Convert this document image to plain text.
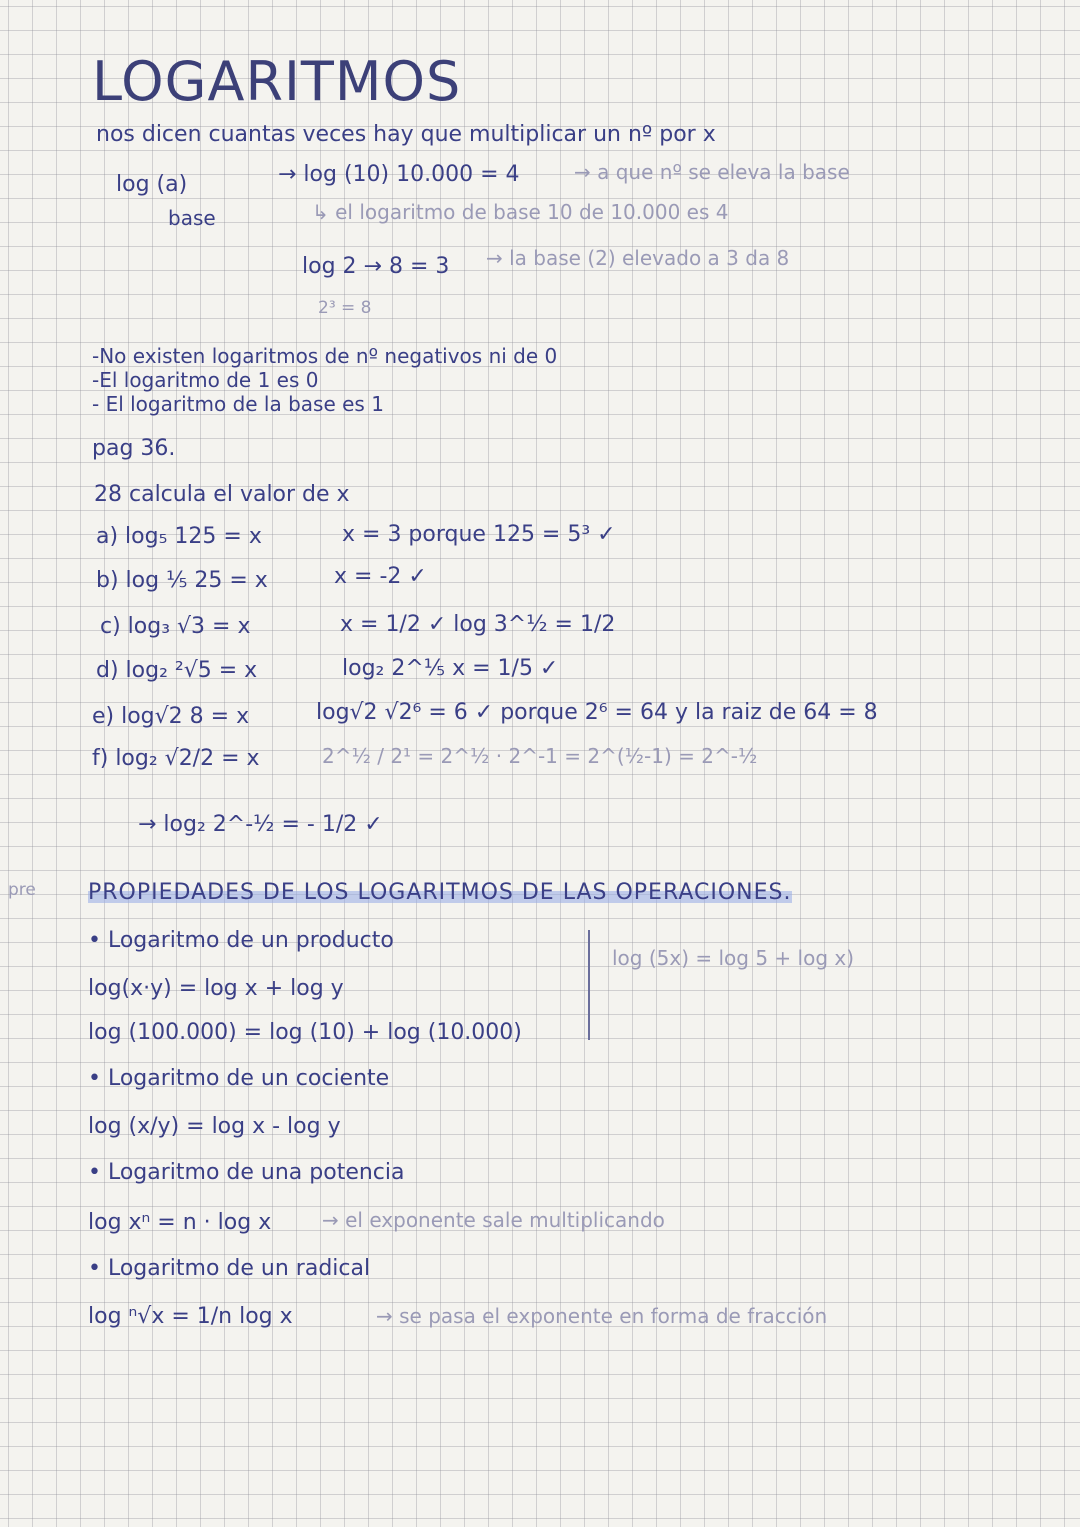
LOGARITMOS
nos dicen cuantas veces hay que multiplicar un nº por x
log (a)
base
→ log (10) 10.000 = 4	→ a que nº se eleva la base
↳ el logaritmo de base 10 de 10.000 es 4
log 2 → 8 = 3 → la base (2) elevado a 3 da 8
2³ = 8
-No existen logaritmos de nº negativos ni de 0
-El logaritmo de 1 es 0
- El logaritmo de la base es 1
pag 36.
28 calcula el valor de x
a) log₅ 125 = x	x = 3 porque 125 = 5³ ✓
b) log ⅕ 25 = x	x = -2 ✓
c) log₃ √3 = x	x = 1/2 ✓ log 3^½ = 1/2
d) log₂ ²√5 = x	log₂ 2^⅕ x = 1/5 ✓
e) log√2 8 = x	log√2 √2⁶ = 6 ✓ porque 2⁶ = 64 y la raiz de 64 = 8
f) log₂ √2/2 = x	2^½ / 2¹ = 2^½ · 2^-1 = 2^(½-1) = 2^-½
→ log₂ 2^-½ = - 1/2 ✓
pre PROPIEDADES DE LOS LOGARITMOS DE LAS OPERACIONES.
log (5x) = log 5 + log x)
• Logaritmo de un producto
log(x·y) = log x + log y
log (100.000) = log (10) + log (10.000)
• Logaritmo de un cociente
log (x/y) = log x - log y
• Logaritmo de una potencia
log xⁿ = n · log x	→ el exponente sale multiplicando
• Logaritmo de un radical
log ⁿ√x = 1/n log x	→ se pasa el exponente en forma de fracción
